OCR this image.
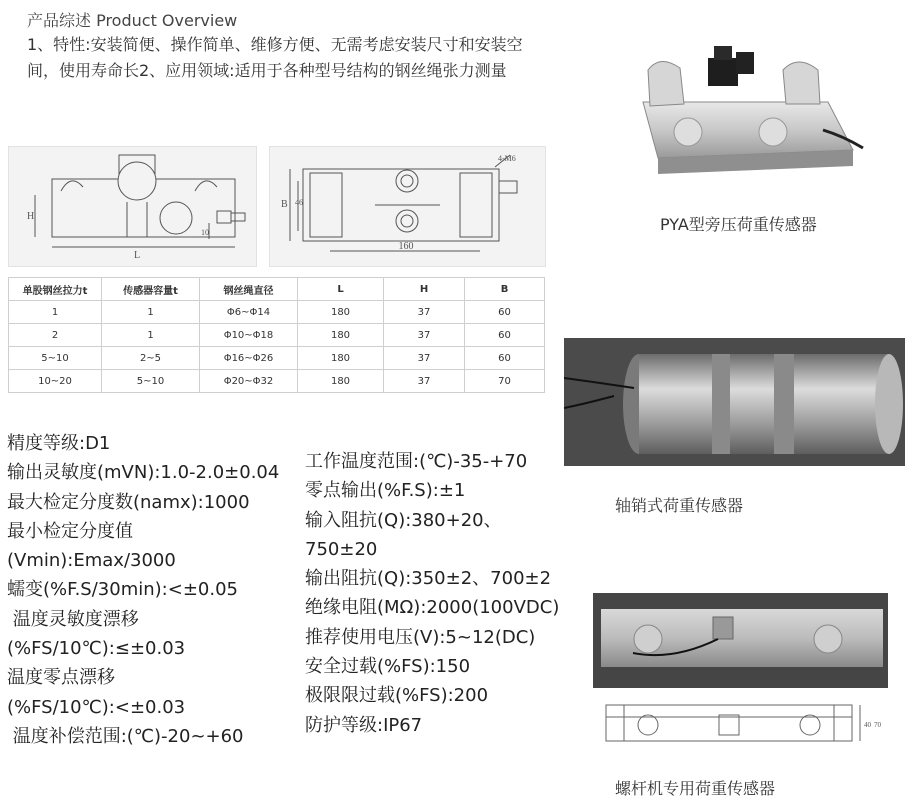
产品综述 Product Overview
1、特性:安装简便、操作简单、维修方便、无需考虑安装尺寸和安装空间，使用寿命长2、应用领域:适用于各种型号结构的钢丝绳张力测量
L
H
10
B 46
160
4-M6
单股钢丝拉力t	传感器容量t	钢丝绳直径	L	H	B
1	1	Φ6~Φ14	180	37	60
2	1	Φ10~Φ18	180	37	60
5~10	2~5	Φ16~Φ26	180	37	60
10~20	5~10	Φ20~Φ32	180	37	70
精度等级:D1
输出灵敏度(mVN):1.0-2.0±0.04
最大检定分度数(namx):1000
最小检定分度值
(Vmin):Emax/3000
蠕变(%F.S/30min):<±0.05
温度灵敏度漂移
(%FS/10℃):≤±0.03
温度零点漂移
(%FS/10℃):<±0.03
温度补偿范围:(℃)-20~+60
工作温度范围:(℃)-35-+70
零点输出(%F.S):±1
输入阻抗(Q):380+20、
750±20
输出阻抗(Q):350±2、700±2
绝缘电阻(MΩ):2000(100VDC)
推荐使用电压(V):5~12(DC)
安全过载(%FS):150
极限限过载(%FS):200
防护等级:IP67
PYA型旁压荷重传感器
轴销式荷重传感器
40 70
螺杆机专用荷重传感器
